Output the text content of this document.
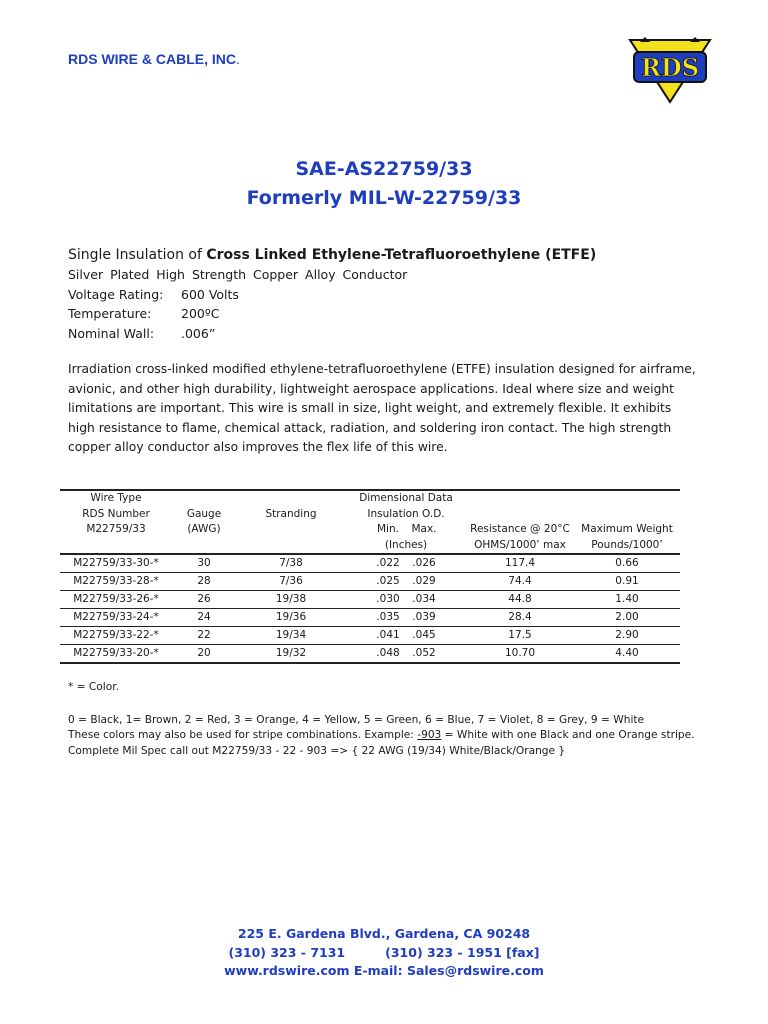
RDS WIRE & CABLE, INC.	RDS
SAE-AS22759/33
Formerly MIL-W-22759/33
Single Insulation of Cross Linked Ethylene-Tetrafluoroethylene (ETFE)
Silver Plated High Strength Copper Alloy Conductor
Voltage Rating:	600 Volts
Temperature:	200ºC
Nominal Wall:	.006”
Irradiation cross-linked modified ethylene-tetrafluoroethylene (ETFE) insulation designed for airframe,
avionic, and other high durability, lightweight aerospace applications. Ideal where size and weight
limitations are important. This wire is small in size, light weight, and extremely flexible. It exhibits
high resistance to flame, chemical attack, radiation, and soldering iron contact. The high strength
copper alloy conductor also improves the flex life of this wire.
Wire Type			Dimensional Data		
RDS Number	Gauge	Stranding	Insulation O.D.		
M22759/33	(AWG)		Min. Max.	Resistance @ 20°C	Maximum Weight
			(Inches)	OHMS/1000’ max	Pounds/1000’
M22759/33-30-*	30	7/38	.022 .026	117.4	0.66
M22759/33-28-*	28	7/36	.025 .029	74.4	0.91
M22759/33-26-*	26	19/38	.030 .034	44.8	1.40
M22759/33-24-*	24	19/36	.035 .039	28.4	2.00
M22759/33-22-*	22	19/34	.041 .045	17.5	2.90
M22759/33-20-*	20	19/32	.048 .052	10.70	4.40
* = Color.
0 = Black, 1= Brown, 2 = Red, 3 = Orange, 4 = Yellow, 5 = Green, 6 = Blue, 7 = Violet, 8 = Grey, 9 = White
These colors may also be used for stripe combinations. Example: -903 = White with one Black and one Orange stripe.
Complete Mil Spec call out M22759/33 - 22 - 903 => { 22 AWG (19/34) White/Black/Orange }
225 E. Gardena Blvd., Gardena, CA 90248
(310) 323 - 7131	(310) 323 - 1951 [fax]
www.rdswire.com E-mail: Sales@rdswire.com
